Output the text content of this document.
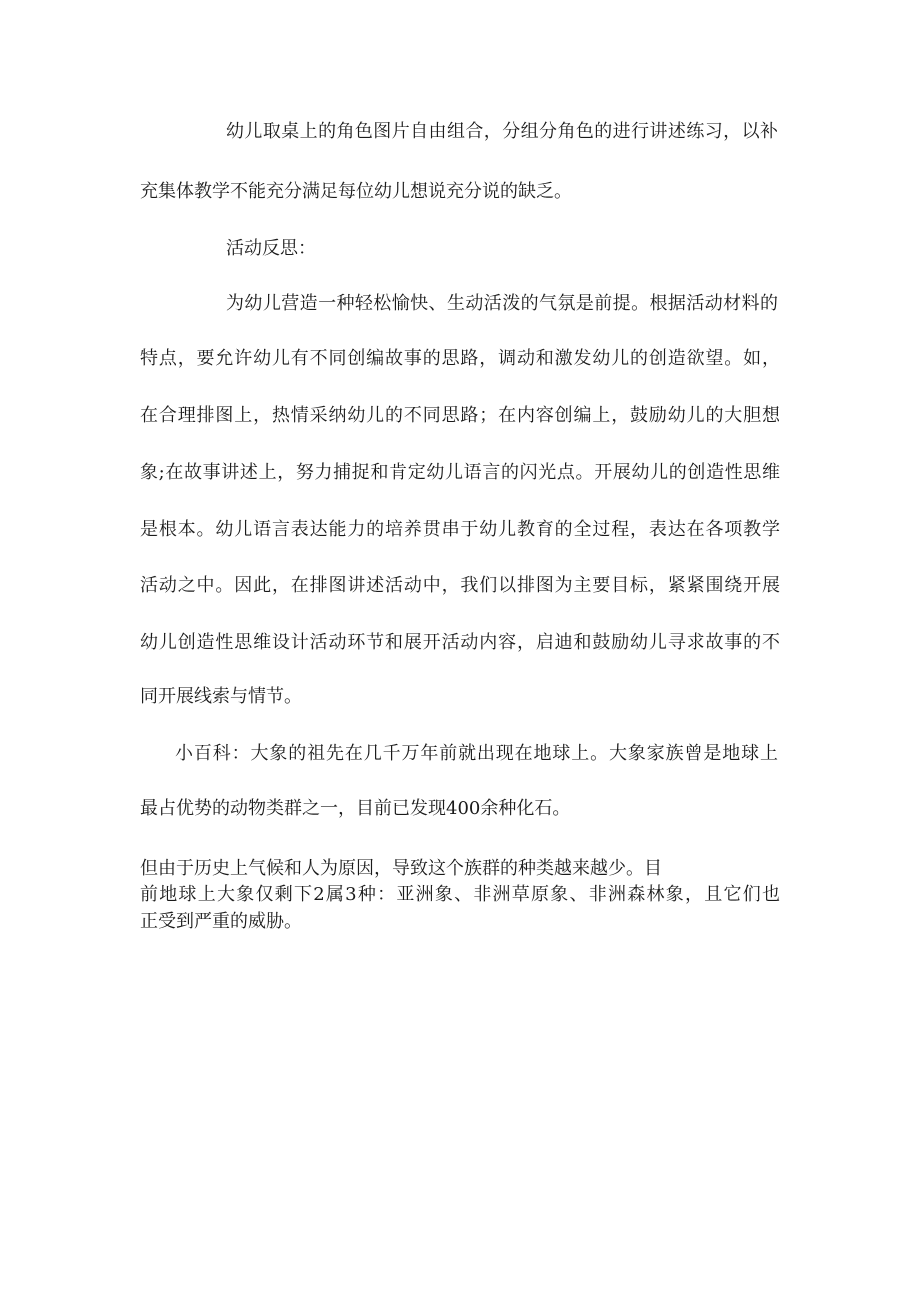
幼儿取桌上的角色图片自由组合，分组分角色的进行讲述练习，以补
充集体教学不能充分满足每位幼儿想说充分说的缺乏。
活动反思：
为幼儿营造一种轻松愉快、生动活泼的气氛是前提。根据活动材料的
特点，要允许幼儿有不同创编故事的思路，调动和激发幼儿的创造欲望。如，
在合理排图上，热情采纳幼儿的不同思路；在内容创编上，鼓励幼儿的大胆想
象;在故事讲述上，努力捕捉和肯定幼儿语言的闪光点。开展幼儿的创造性思维
是根本。幼儿语言表达能力的培养贯串于幼儿教育的全过程，表达在各项教学
活动之中。因此，在排图讲述活动中，我们以排图为主要目标，紧紧围绕开展
幼儿创造性思维设计活动环节和展开活动内容，启迪和鼓励幼儿寻求故事的不
同开展线索与情节。
小百科：大象的祖先在几千万年前就出现在地球上。大象家族曾是地球上
最占优势的动物类群之一，目前已发现400余种化石。
但由于历史上气候和人为原因，导致这个族群的种类越来越少。目
前地球上大象仅剩下2属3种：亚洲象、非洲草原象、非洲森林象，且它们也
正受到严重的威胁。
